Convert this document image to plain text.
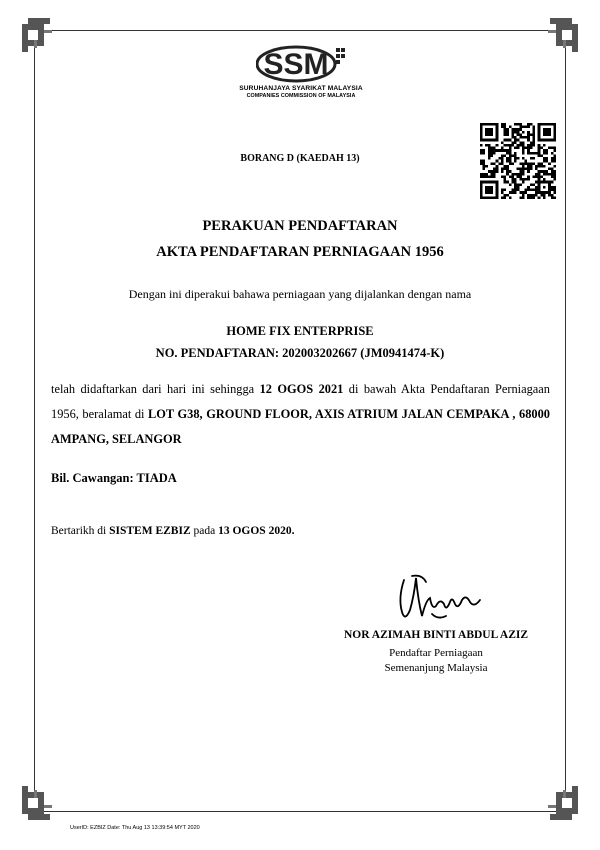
SSM
SURUHANJAYA SYARIKAT MALAYSIA
COMPANIES COMMISSION OF MALAYSIA
BORANG D (KAEDAH 13)
PERAKUAN PENDAFTARAN
AKTA PENDAFTARAN PERNIAGAAN 1956
Dengan ini diperakui bahawa perniagaan yang dijalankan dengan nama
HOME FIX ENTERPRISE
NO. PENDAFTARAN: 202003202667 (JM0941474-K)
telah didaftarkan dari hari ini sehingga 12 OGOS 2021 di bawah Akta Pendaftaran Perniagaan 1956, beralamat di LOT G38, GROUND FLOOR, AXIS ATRIUM JALAN CEMPAKA , 68000 AMPANG, SELANGOR
Bil. Cawangan: TIADA
Bertarikh di SISTEM EZBIZ pada 13 OGOS 2020.
NOR AZIMAH BINTI ABDUL AZIZ
Pendaftar Perniagaan
Semenanjung Malaysia
UserID: EZBIZ Date: Thu Aug 13 13:39:54 MYT 2020
